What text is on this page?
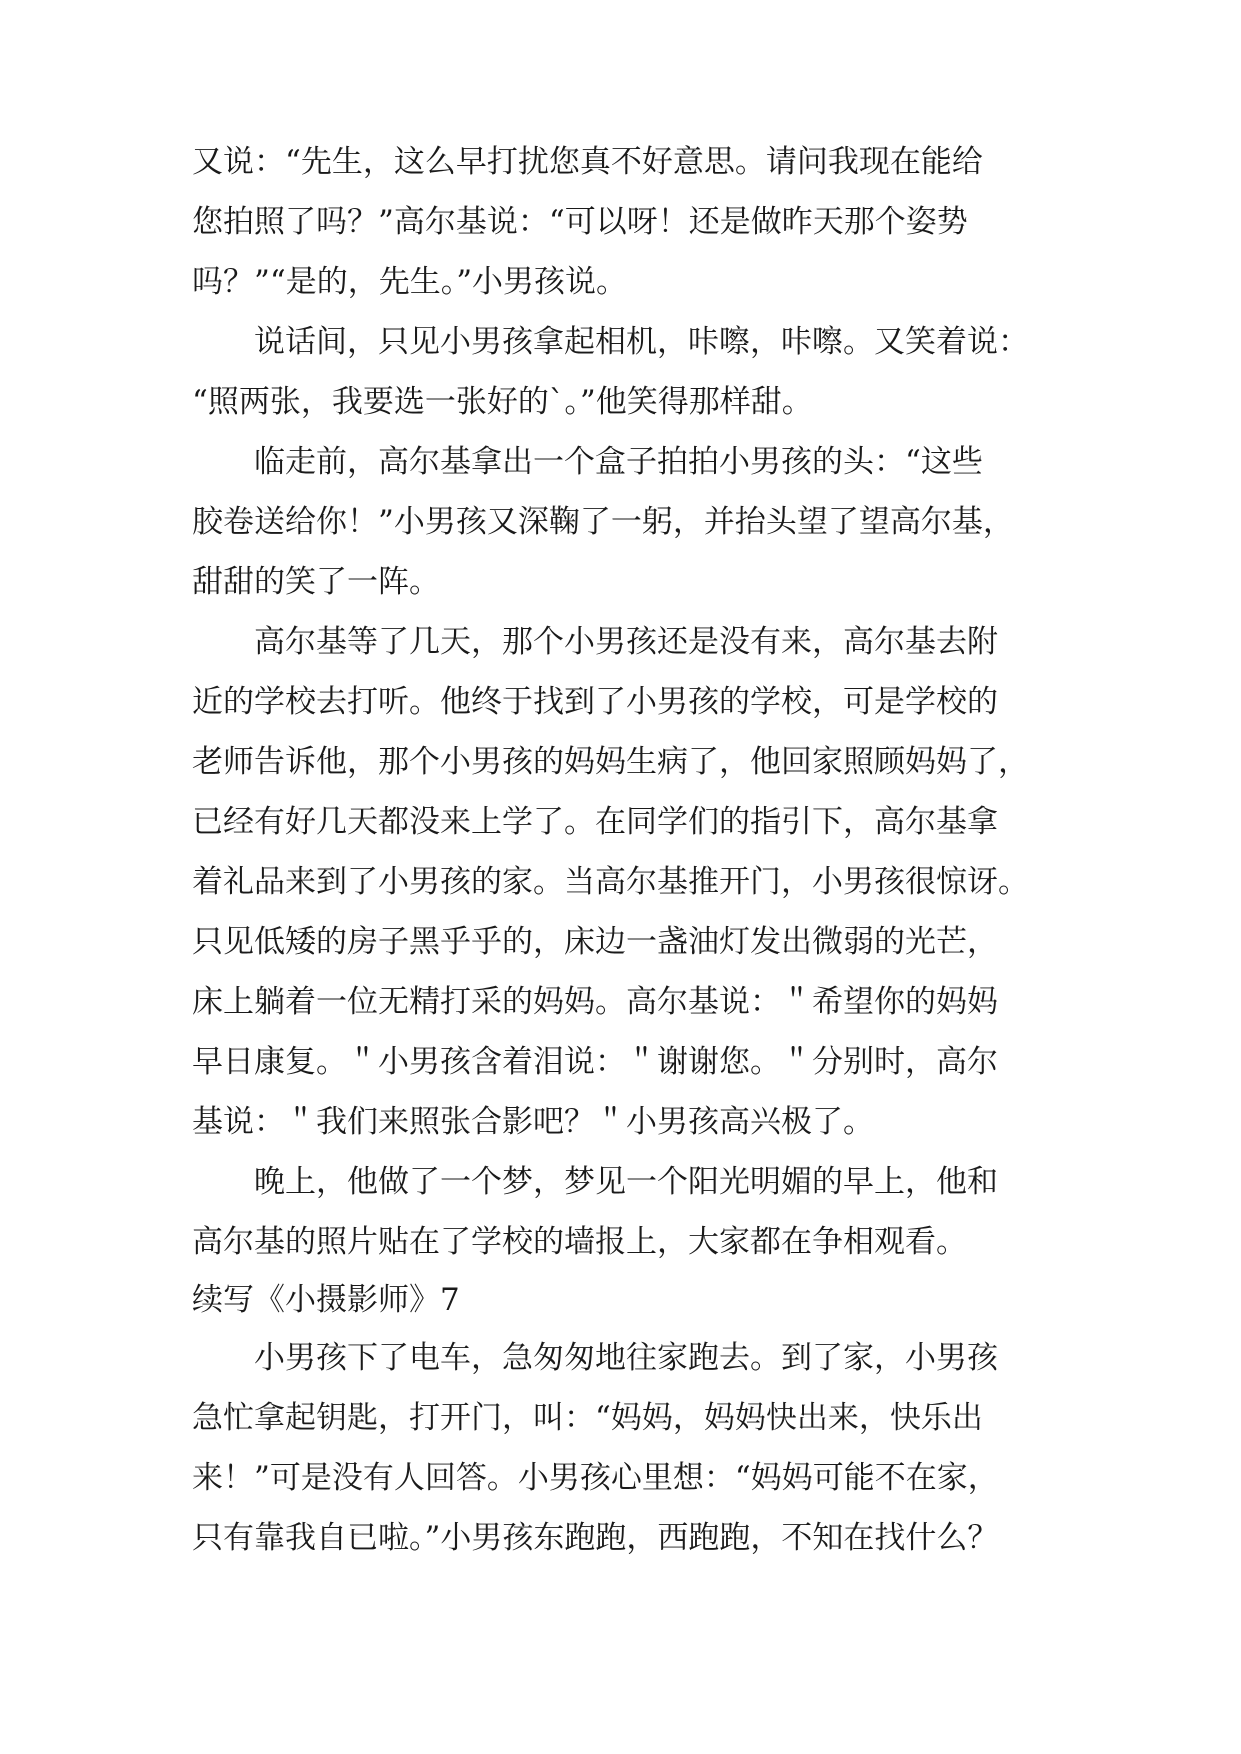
又说：“先生，这么早打扰您真不好意思。请问我现在能给
您拍照了吗？”高尔基说：“可以呀！还是做昨天那个姿势
吗？”“是的，先生。”小男孩说。
　　说话间，只见小男孩拿起相机，咔嚓，咔嚓。又笑着说：
“照两张，我要选一张好的`。”他笑得那样甜。
　　临走前，高尔基拿出一个盒子拍拍小男孩的头：“这些
胶卷送给你！”小男孩又深鞠了一躬，并抬头望了望高尔基，
甜甜的笑了一阵。
　　高尔基等了几天，那个小男孩还是没有来，高尔基去附
近的学校去打听。他终于找到了小男孩的学校，可是学校的
老师告诉他，那个小男孩的妈妈生病了，他回家照顾妈妈了，
已经有好几天都没来上学了。在同学们的指引下，高尔基拿
着礼品来到了小男孩的家。当高尔基推开门，小男孩很惊讶。
只见低矮的房子黑乎乎的，床边一盏油灯发出微弱的光芒，
床上躺着一位无精打采的妈妈。高尔基说：＂希望你的妈妈
早日康复。＂小男孩含着泪说：＂谢谢您。＂分别时，高尔
基说：＂我们来照张合影吧？＂小男孩高兴极了。
　　晚上，他做了一个梦，梦见一个阳光明媚的早上，他和
高尔基的照片贴在了学校的墙报上，大家都在争相观看。
续写《小摄影师》7
　　小男孩下了电车，急匆匆地往家跑去。到了家，小男孩
急忙拿起钥匙，打开门，叫：“妈妈，妈妈快出来，快乐出
来！”可是没有人回答。小男孩心里想：“妈妈可能不在家，
只有靠我自已啦。”小男孩东跑跑，西跑跑，不知在找什么？
